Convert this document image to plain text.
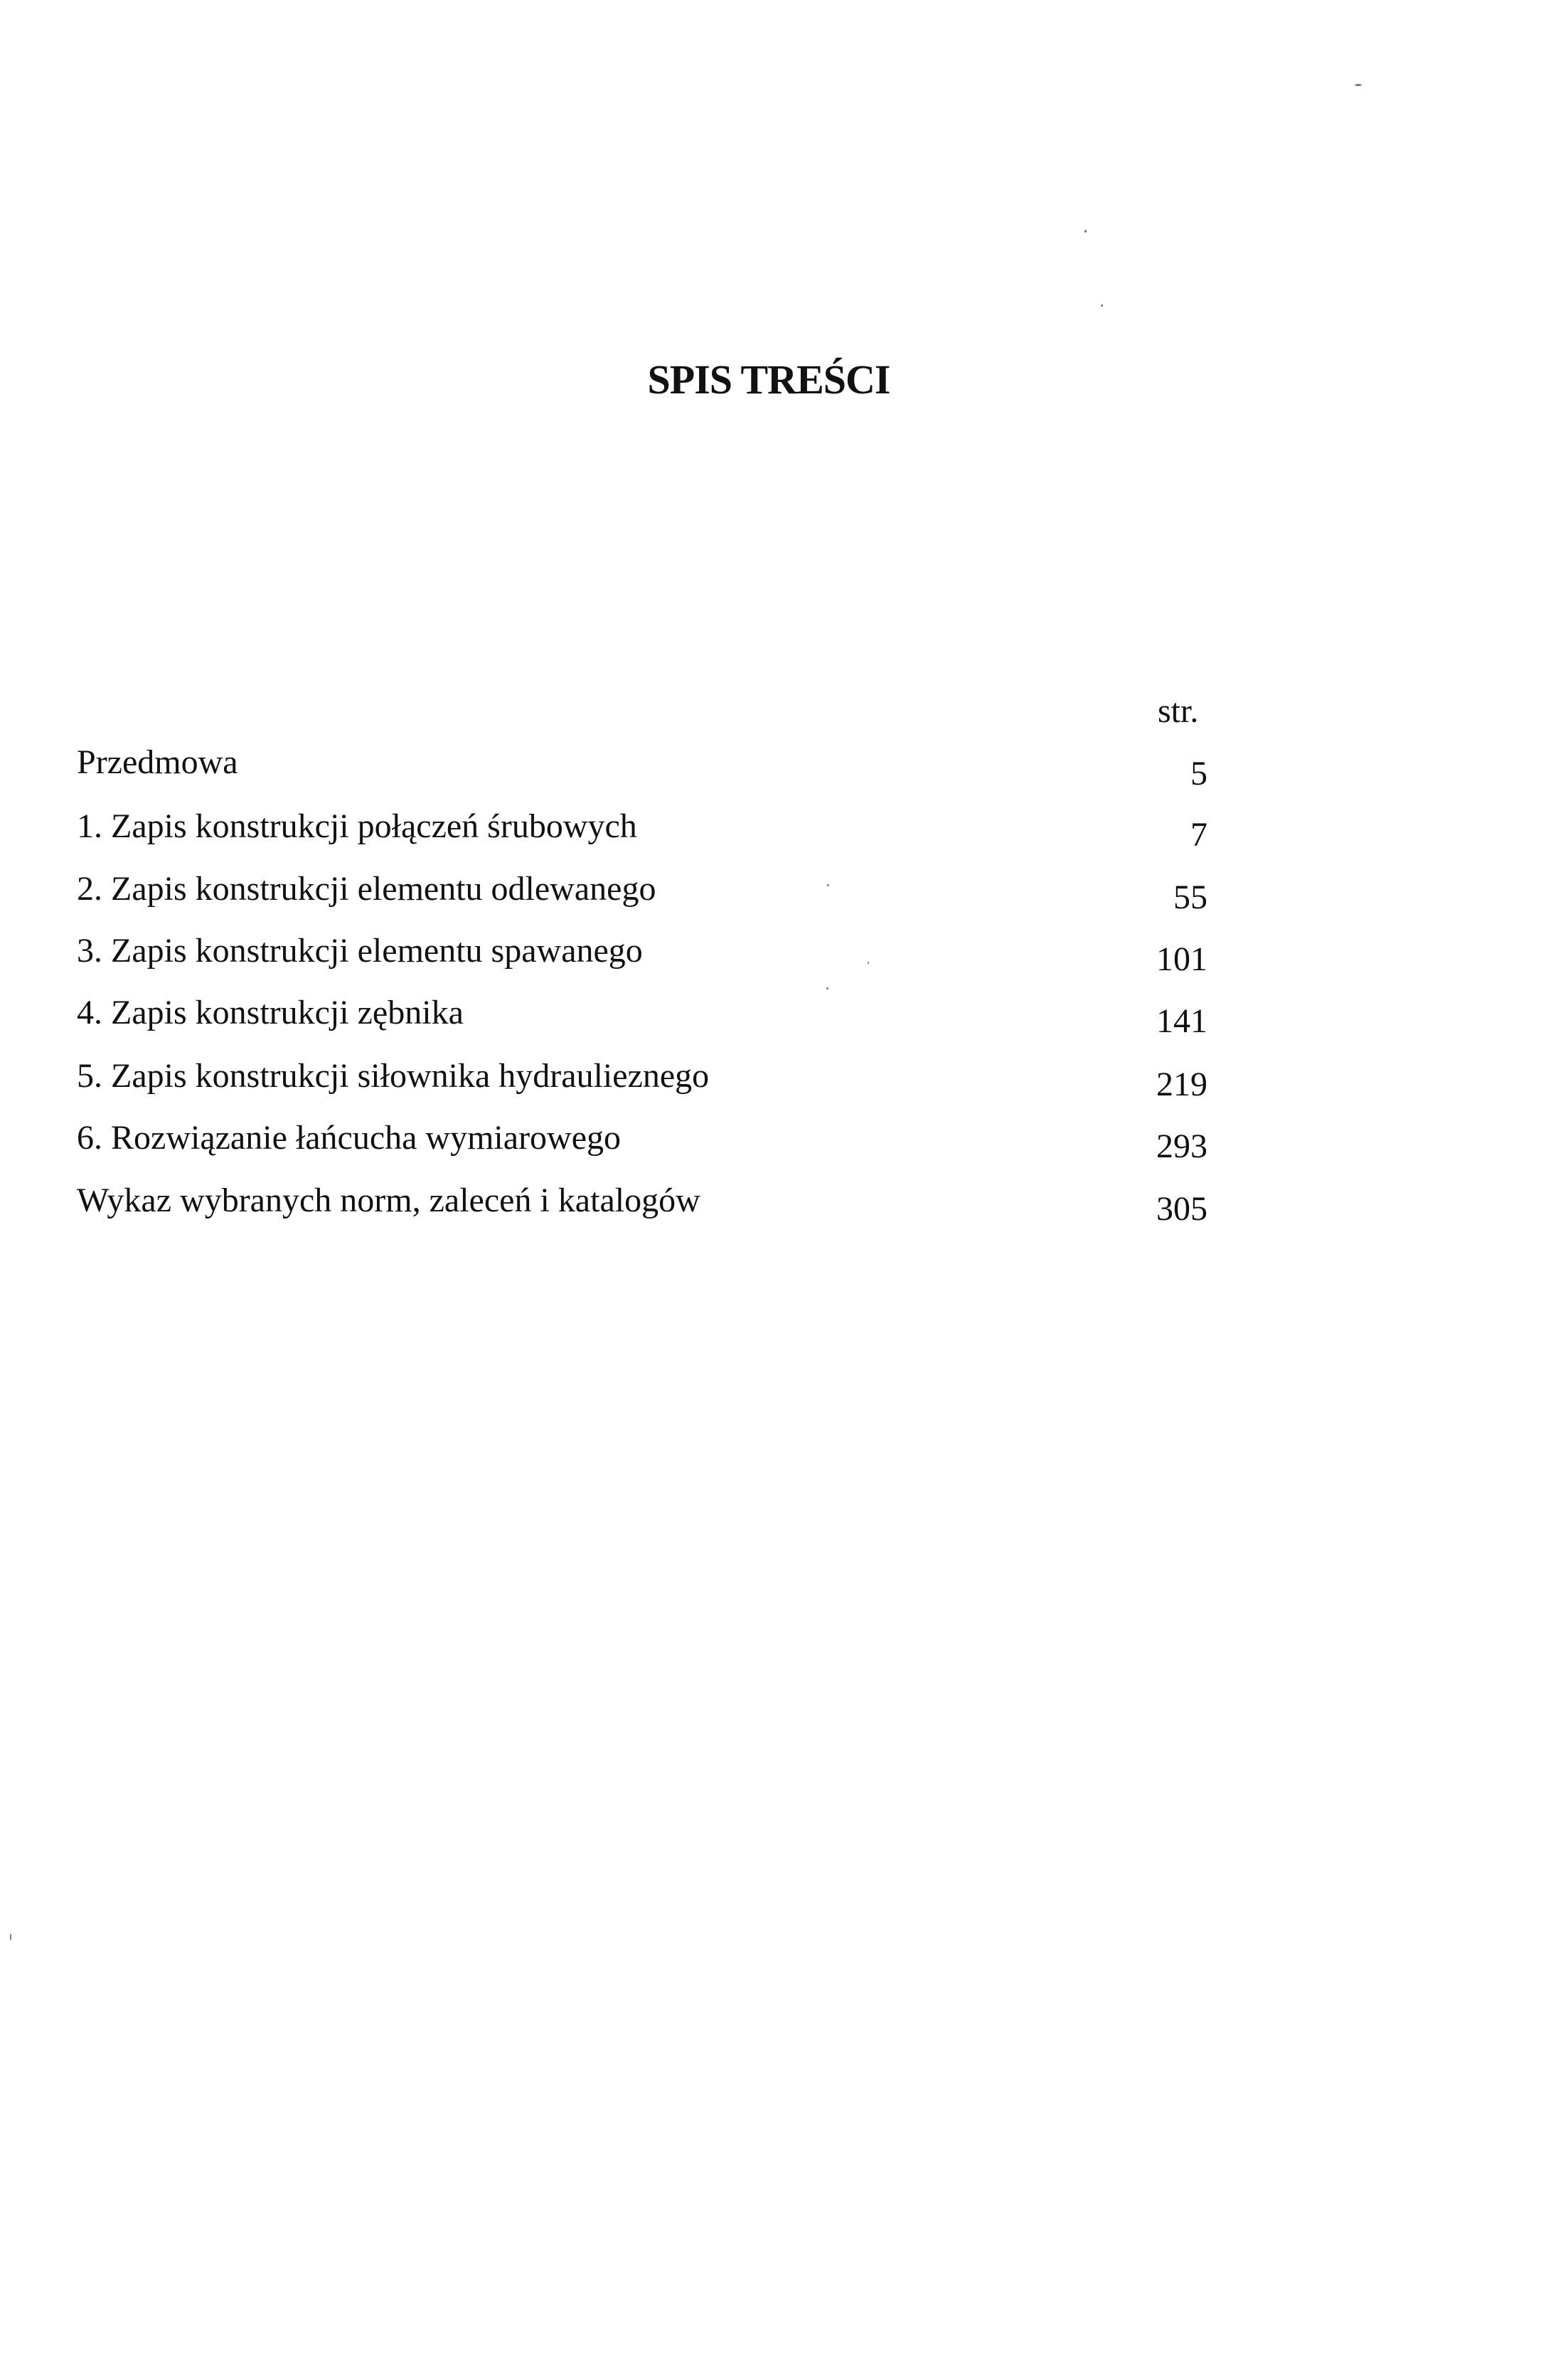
SPIS TREŚCI
str.
Przedmowa	5
1. Zapis konstrukcji połączeń śrubowych	7
2. Zapis konstrukcji elementu odlewanego	55
3. Zapis konstrukcji elementu spawanego	101
4. Zapis konstrukcji zębnika	141
5. Zapis konstrukcji siłownika hydraulieznego	219
6. Rozwiązanie łańcucha wymiarowego	293
Wykaz wybranych norm, zaleceń i katalogów	305
